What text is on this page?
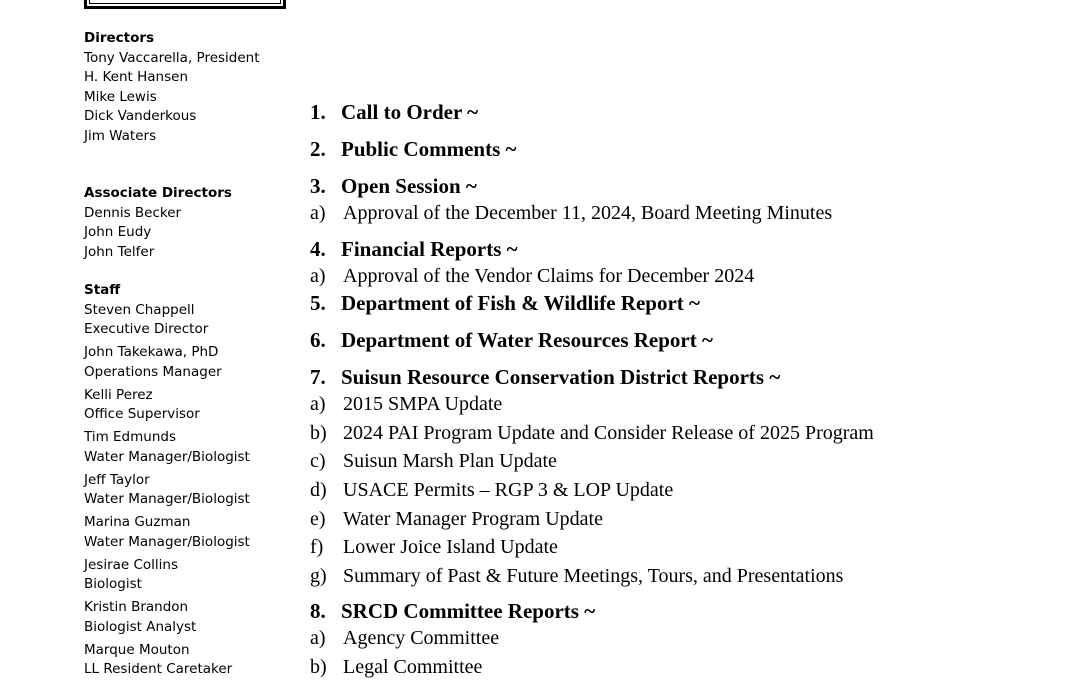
Directors
Tony Vaccarella, President
H. Kent Hansen
Mike Lewis
Dick Vanderkous
Jim Waters
Associate Directors
Dennis Becker
John Eudy
John Telfer
Staff
Steven Chappell
Executive Director
John Takekawa, PhD
Operations Manager
Kelli Perez
Office Supervisor
Tim Edmunds
Water Manager/Biologist
Jeff Taylor
Water Manager/Biologist
Marina Guzman
Water Manager/Biologist
Jesirae Collins
Biologist
Kristin Brandon
Biologist Analyst
Marque Mouton
LL Resident Caretaker
1. Call to Order ~
2. Public Comments ~
3. Open Session ~
a) Approval of the December 11, 2024, Board Meeting Minutes
4. Financial Reports ~
a) Approval of the Vendor Claims for December 2024
5. Department of Fish & Wildlife Report ~
6. Department of Water Resources Report ~
7. Suisun Resource Conservation District Reports ~
a) 2015 SMPA Update
b) 2024 PAI Program Update and Consider Release of 2025 Program
c) Suisun Marsh Plan Update
d) USACE Permits – RGP 3 & LOP Update
e) Water Manager Program Update
f) Lower Joice Island Update
g) Summary of Past & Future Meetings, Tours, and Presentations
8. SRCD Committee Reports ~
a) Agency Committee
b) Legal Committee
